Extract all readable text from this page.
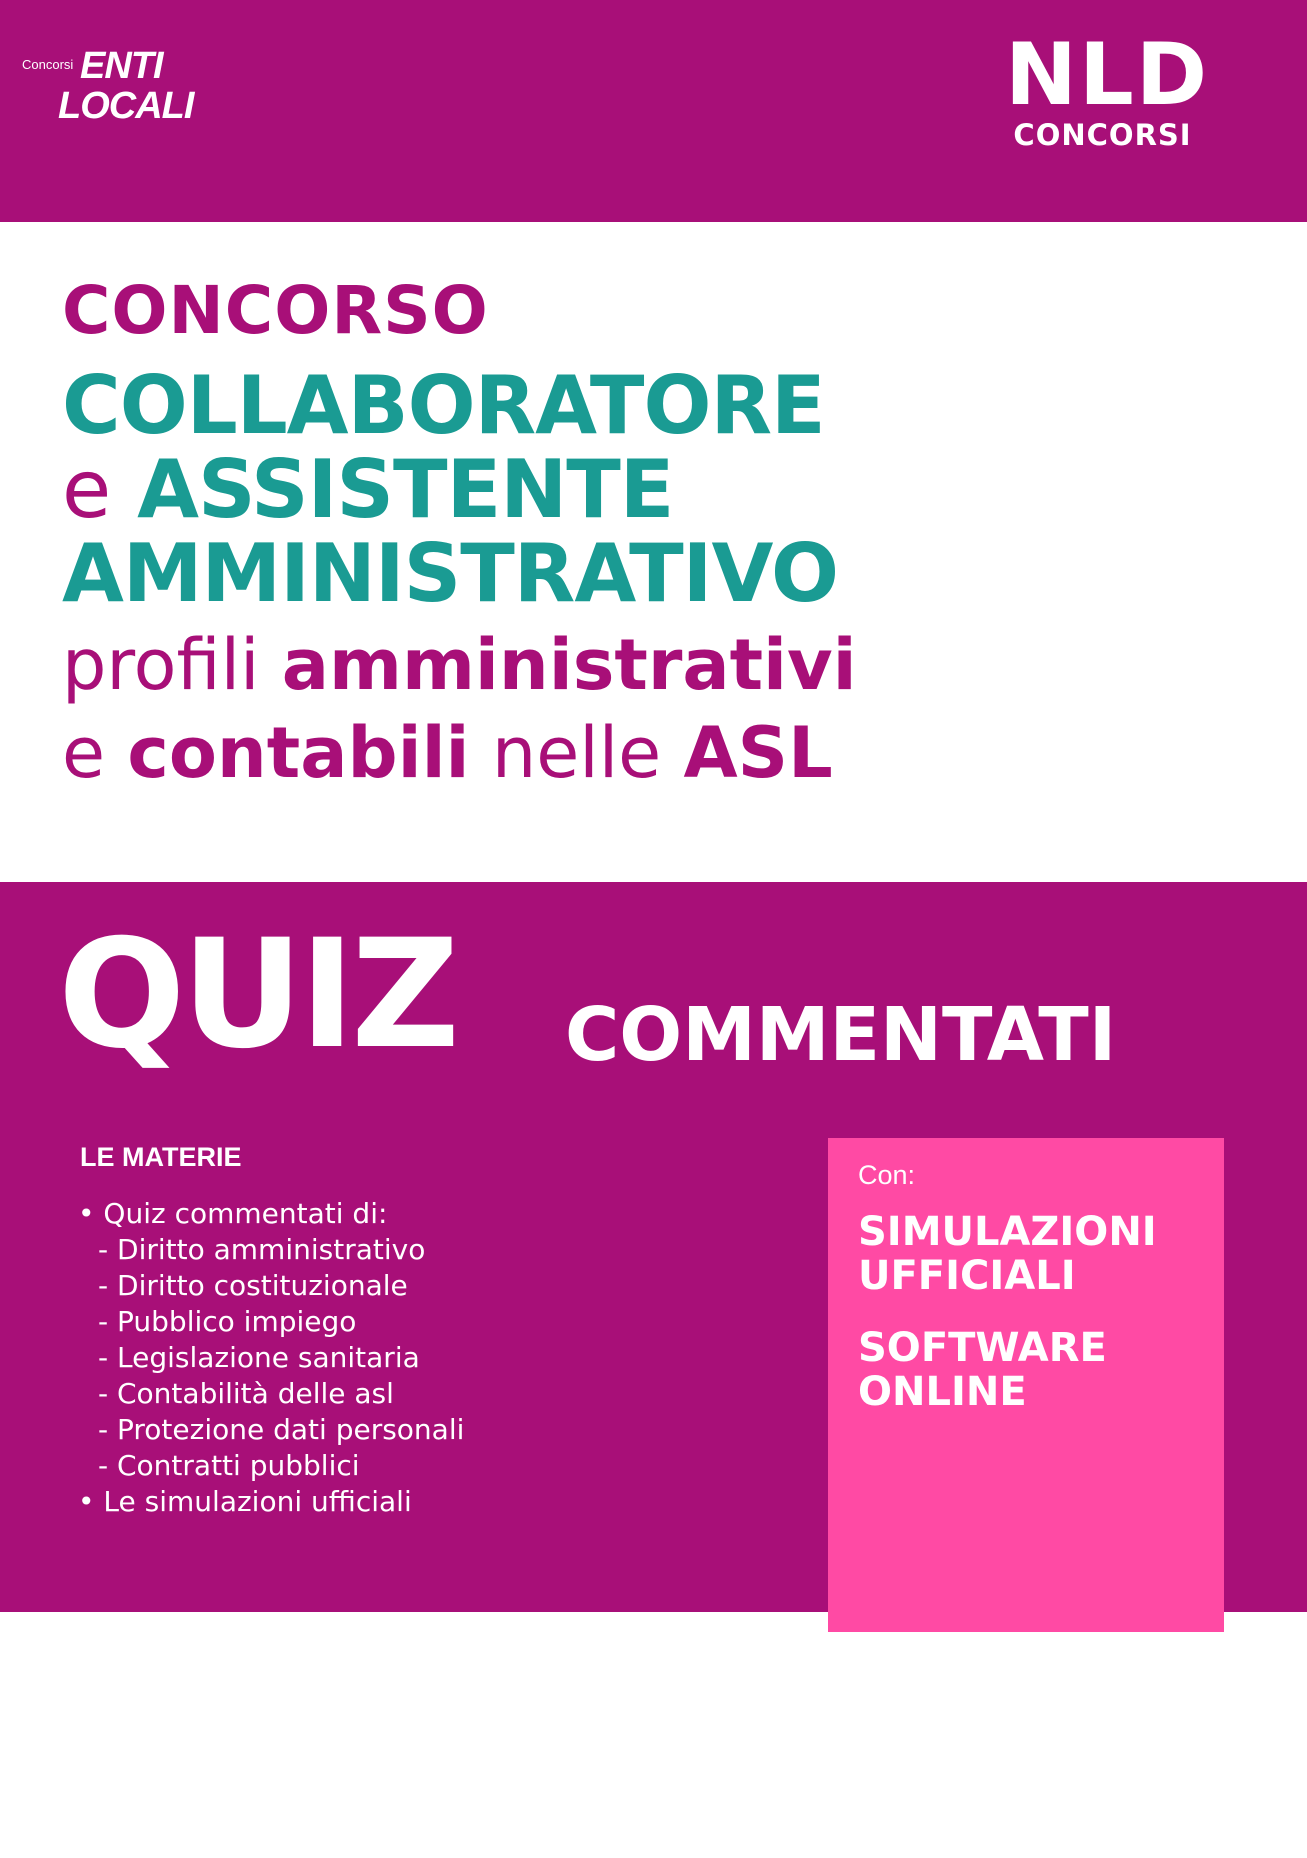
Concorsi ENTI
LOCALI	NLD
CONCORSI
CONCORSO
COLLABORATORE
e ASSISTENTE
AMMINISTRATIVO
profili amministrativi
e contabili nelle ASL
QUIZ COMMENTATI
LE MATERIE
• Quiz commentati di:
- Diritto amministrativo
- Diritto costituzionale
- Pubblico impiego
- Legislazione sanitaria
- Contabilità delle asl
- Protezione dati personali
- Contratti pubblici
• Le simulazioni ufficiali
Con:
SIMULAZIONI
UFFICIALI
SOFTWARE
ONLINE
